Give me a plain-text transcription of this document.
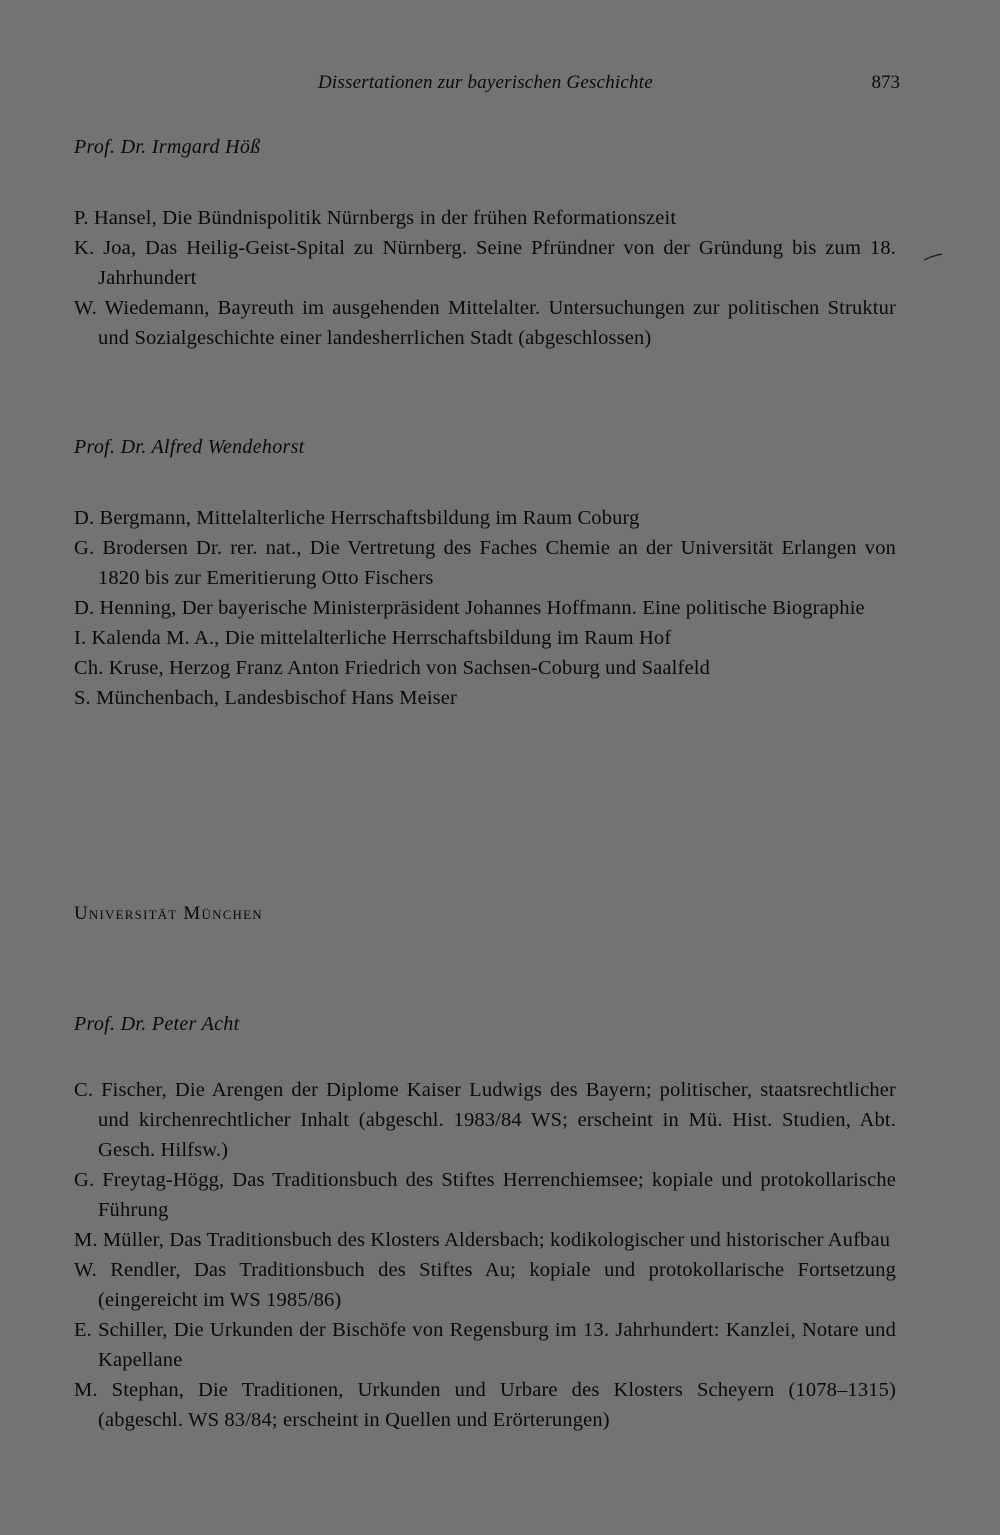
Dissertationen zur bayerischen Geschichte	873
Prof. Dr. Irmgard Höß
P. Hansel, Die Bündnispolitik Nürnbergs in der frühen Reformationszeit
K. Joa, Das Heilig-Geist-Spital zu Nürnberg. Seine Pfründner von der Gründung bis zum 18. Jahrhundert
W. Wiedemann, Bayreuth im ausgehenden Mittelalter. Untersuchungen zur politischen Struktur und Sozialgeschichte einer landesherrlichen Stadt (abgeschlossen)
Prof. Dr. Alfred Wendehorst
D. Bergmann, Mittelalterliche Herrschaftsbildung im Raum Coburg
G. Brodersen Dr. rer. nat., Die Vertretung des Faches Chemie an der Universität Erlangen von 1820 bis zur Emeritierung Otto Fischers
D. Henning, Der bayerische Ministerpräsident Johannes Hoffmann. Eine politische Biographie
I. Kalenda M. A., Die mittelalterliche Herrschaftsbildung im Raum Hof
Ch. Kruse, Herzog Franz Anton Friedrich von Sachsen-Coburg und Saalfeld
S. Münchenbach, Landesbischof Hans Meiser
Universität München
Prof. Dr. Peter Acht
C. Fischer, Die Arengen der Diplome Kaiser Ludwigs des Bayern; politischer, staatsrechtlicher und kirchenrechtlicher Inhalt (abgeschl. 1983/84 WS; erscheint in Mü. Hist. Studien, Abt. Gesch. Hilfsw.)
G. Freytag-Högg, Das Traditionsbuch des Stiftes Herrenchiemsee; kopiale und protokollarische Führung
M. Müller, Das Traditionsbuch des Klosters Aldersbach; kodikologischer und historischer Aufbau
W. Rendler, Das Traditionsbuch des Stiftes Au; kopiale und protokollarische Fortsetzung (eingereicht im WS 1985/86)
E. Schiller, Die Urkunden der Bischöfe von Regensburg im 13. Jahrhundert: Kanzlei, Notare und Kapellane
M. Stephan, Die Traditionen, Urkunden und Urbare des Klosters Scheyern (1078–1315) (abgeschl. WS 83/84; erscheint in Quellen und Erörterungen)
